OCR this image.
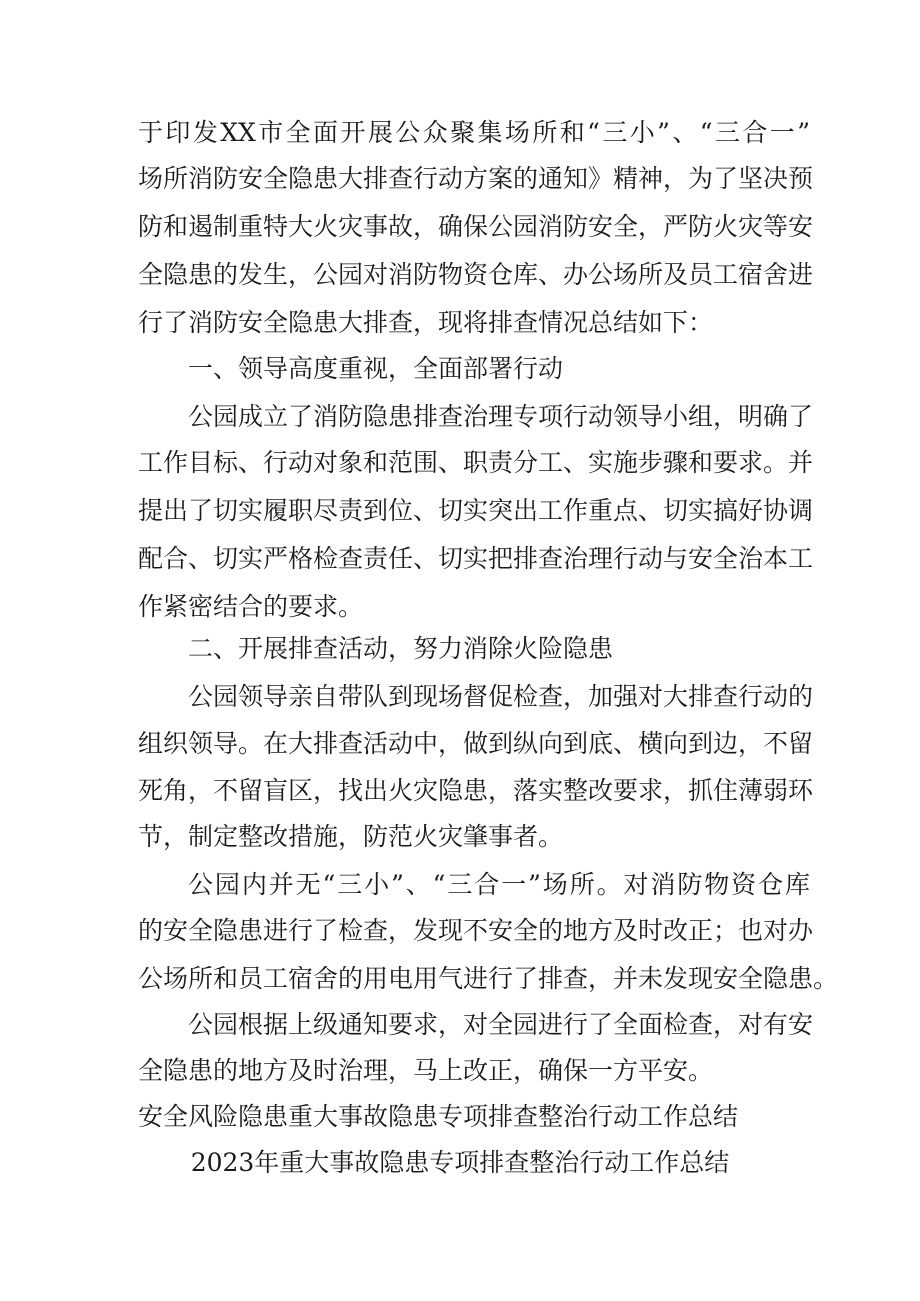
于印发XX市全面开展公众聚集场所和“三小”、“三合一”
场所消防安全隐患大排查行动方案的通知》精神，为了坚决预
防和遏制重特大火灾事故，确保公园消防安全，严防火灾等安
全隐患的发生，公园对消防物资仓库、办公场所及员工宿舍进
行了消防安全隐患大排查，现将排查情况总结如下：
一、领导高度重视，全面部署行动
公园成立了消防隐患排查治理专项行动领导小组，明确了
工作目标、行动对象和范围、职责分工、实施步骤和要求。并
提出了切实履职尽责到位、切实突出工作重点、切实搞好协调
配合、切实严格检查责任、切实把排查治理行动与安全治本工
作紧密结合的要求。
二、开展排查活动，努力消除火险隐患
公园领导亲自带队到现场督促检查，加强对大排查行动的
组织领导。在大排查活动中，做到纵向到底、横向到边，不留
死角，不留盲区，找出火灾隐患，落实整改要求，抓住薄弱环
节，制定整改措施，防范火灾肇事者。
公园内并无“三小”、“三合一”场所。对消防物资仓库
的安全隐患进行了检查，发现不安全的地方及时改正；也对办
公场所和员工宿舍的用电用气进行了排查，并未发现安全隐患。
公园根据上级通知要求，对全园进行了全面检查，对有安
全隐患的地方及时治理，马上改正，确保一方平安。
安全风险隐患重大事故隐患专项排查整治行动工作总结
2023年重大事故隐患专项排查整治行动工作总结
